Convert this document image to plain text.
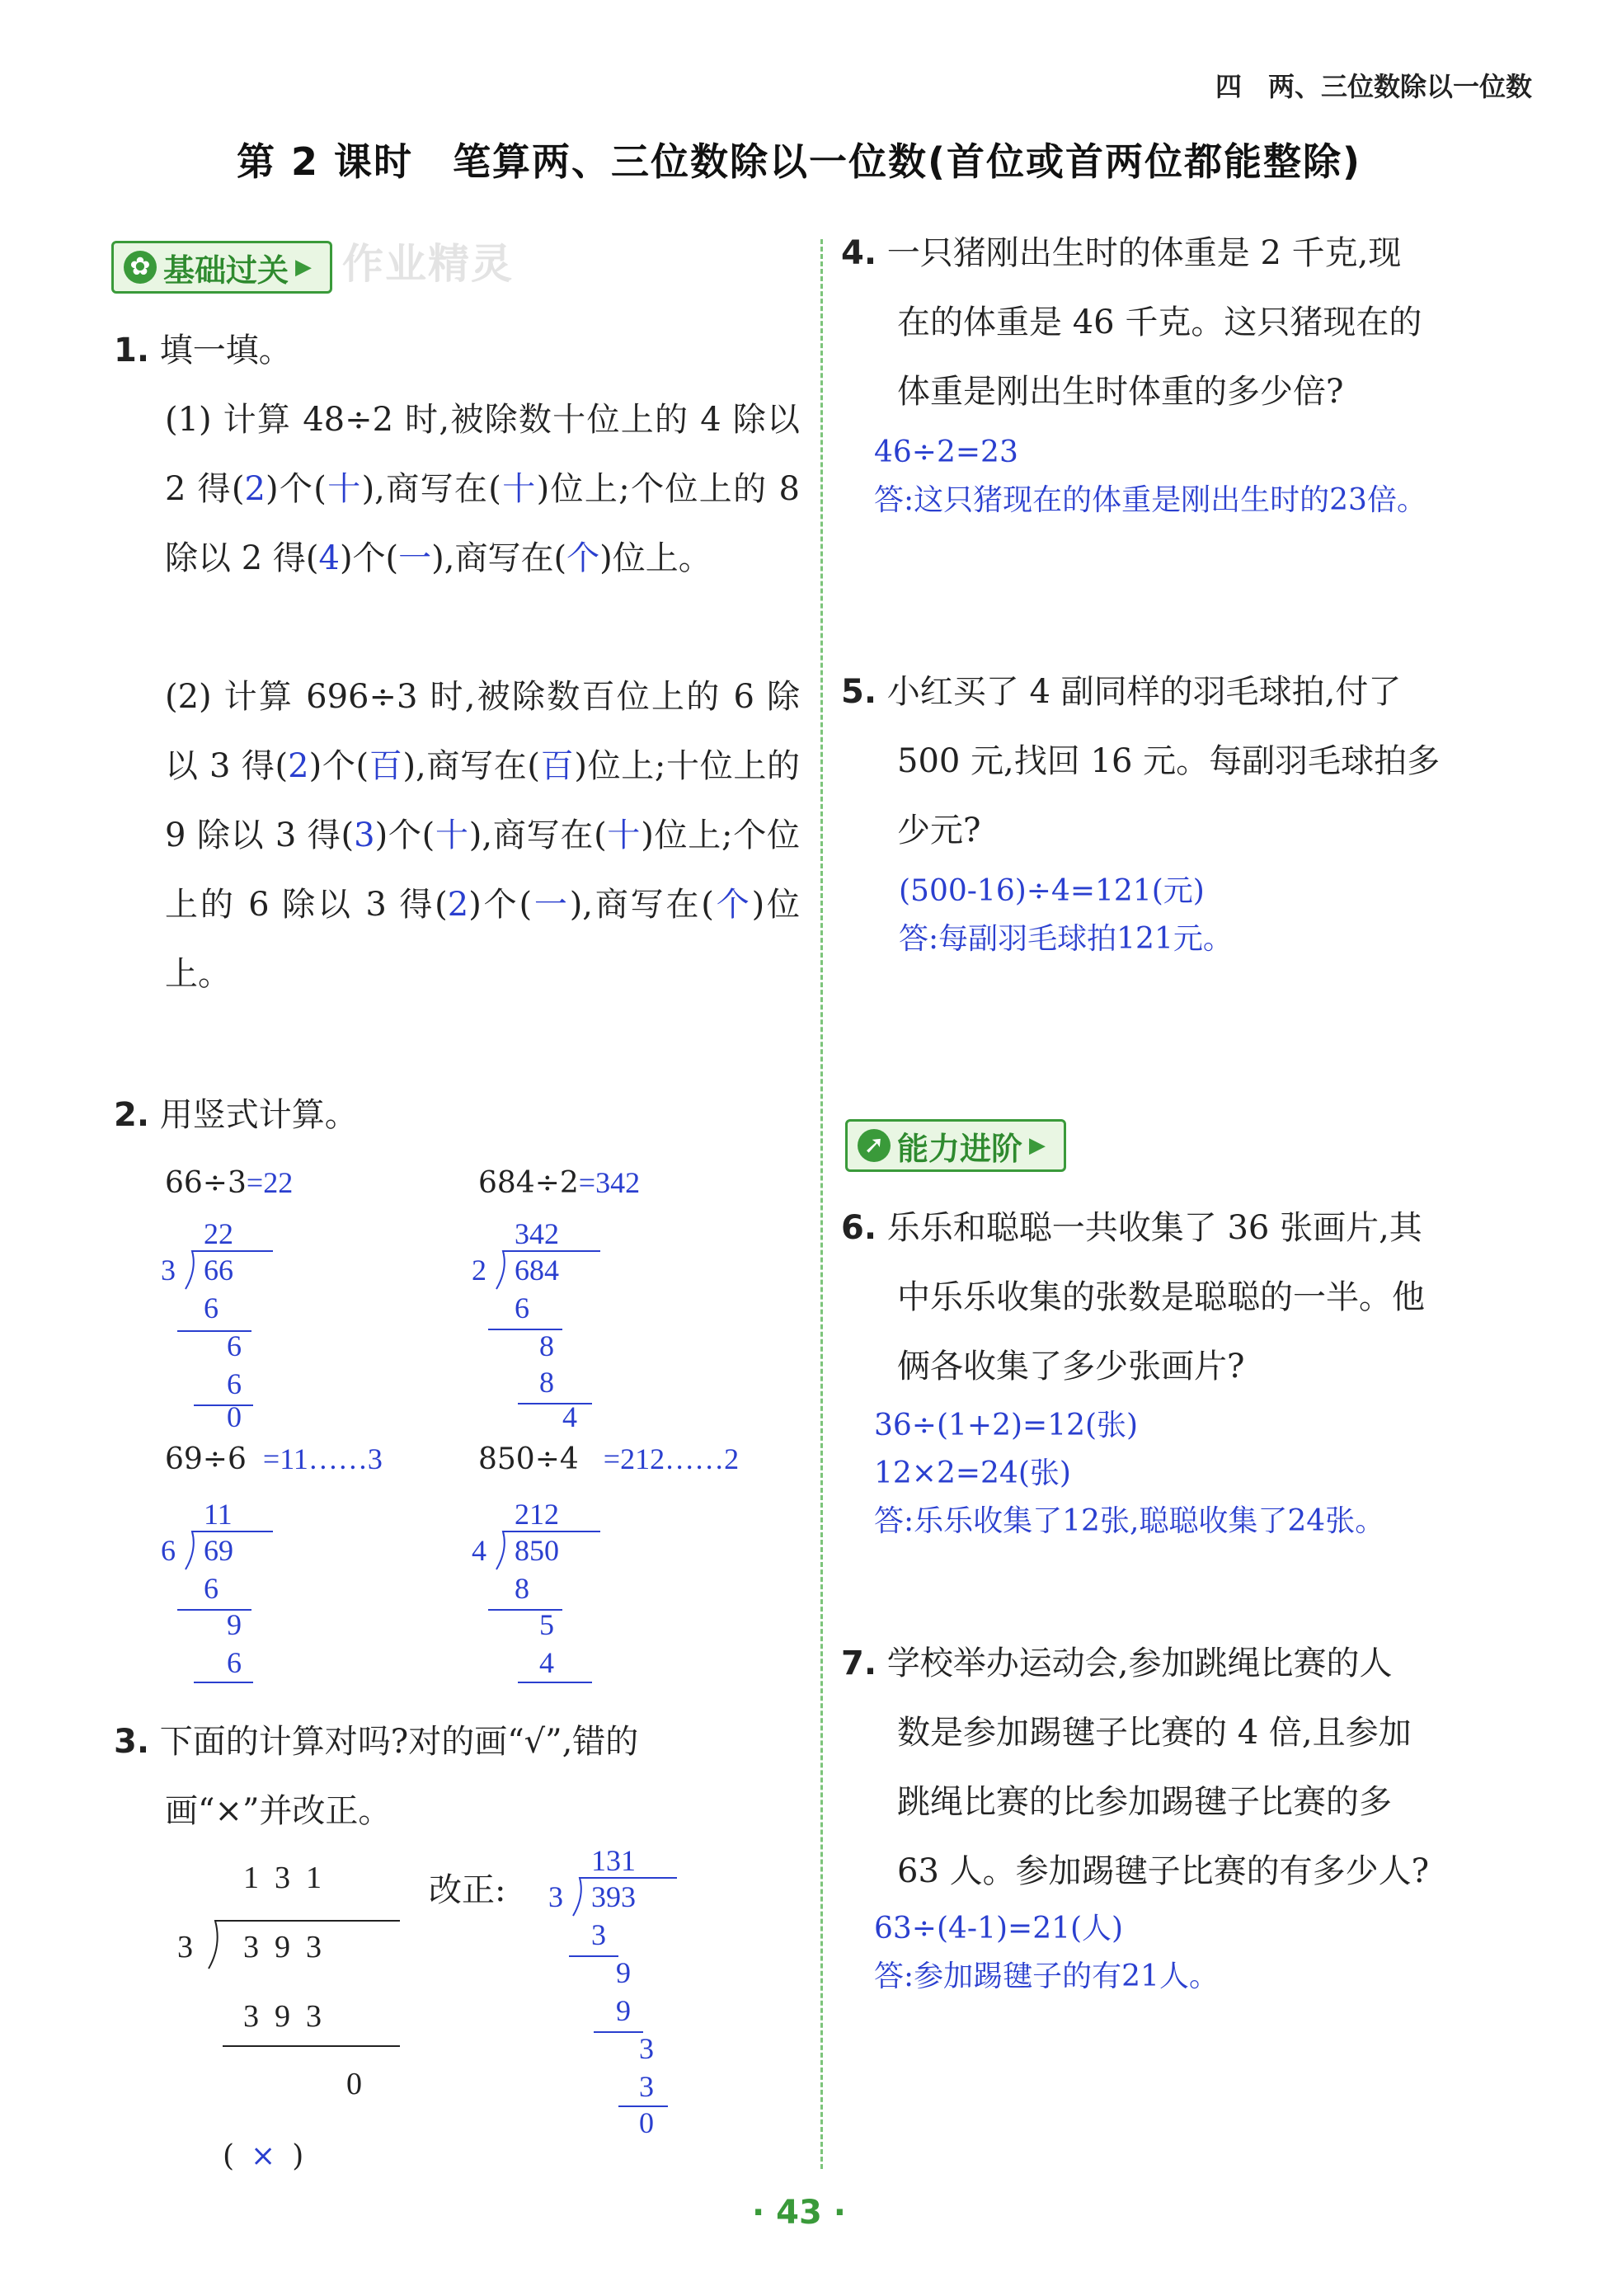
四　两、三位数除以一位数
第 2 课时　笔算两、三位数除以一位数(首位或首两位都能整除)
✿ 基础过关 ▶ 作业精灵
1. 填一填。
(1) 计算 48÷2 时,被除数十位上的 4 除以 2 得(2)个(十),商写在(十)位上;个位上的 8 除以 2 得(4)个(一),商写在(个)位上。
(2) 计算 696÷3 时,被除数百位上的 6 除以 3 得(2)个(百),商写在(百)位上;十位上的 9 除以 3 得(3)个(十),商写在(十)位上;个位上的 6 除以 3 得(2)个(一),商写在(个)位上。
2. 用竖式计算。
66÷3=22
22
3 66
6
6
6
0
684÷2=342
342
2 684
6
8
8
4
69÷6 =11……3
11
6 69
6
9
6
850÷4 =212……2
212
4 850
8
5
4
3. 下面的计算对吗?对的画“√”,错的
画“×”并改正。
1  3  1
3 3  9  3
3  9  3
0
( × )
改正:
131
3 393
3
9
9
3
3
0
4. 一只猪刚出生时的体重是 2 千克,现
在的体重是 46 千克。这只猪现在的
体重是刚出生时体重的多少倍?
46÷2=23
答:这只猪现在的体重是刚出生时的23倍。
5. 小红买了 4 副同样的羽毛球拍,付了
500 元,找回 16 元。每副羽毛球拍多
少元?
(500-16)÷4=121(元)
答:每副羽毛球拍121元。
➚ 能力进阶 ▶
6. 乐乐和聪聪一共收集了 36 张画片,其
中乐乐收集的张数是聪聪的一半。他
俩各收集了多少张画片?
36÷(1+2)=12(张)
12×2=24(张)
答:乐乐收集了12张,聪聪收集了24张。
7. 学校举办运动会,参加跳绳比赛的人
数是参加踢毽子比赛的 4 倍,且参加
跳绳比赛的比参加踢毽子比赛的多
63 人。参加踢毽子比赛的有多少人?
63÷(4-1)=21(人)
答:参加踢毽子的有21人。
· 43 ·
